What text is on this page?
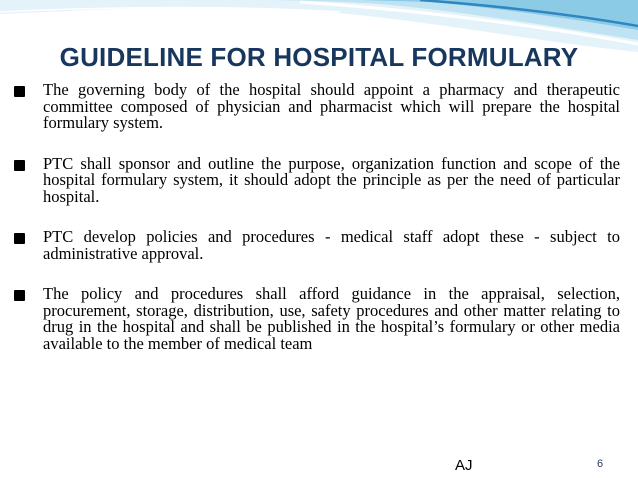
GUIDELINE FOR HOSPITAL FORMULARY
The governing body of the hospital should appoint a pharmacy and therapeutic committee composed of physician and pharmacist which will prepare the hospital formulary system.
PTC shall sponsor and outline the purpose, organization function and scope of the hospital formulary system, it should adopt the principle as per the need of particular hospital.
PTC develop policies and procedures - medical staff adopt these - subject to administrative approval.
The policy and procedures shall afford guidance in the appraisal, selection, procurement, storage, distribution, use, safety procedures and other matter relating to drug in the hospital and shall be published in the hospital’s formulary or other media available to the member of medical team
AJ	6
